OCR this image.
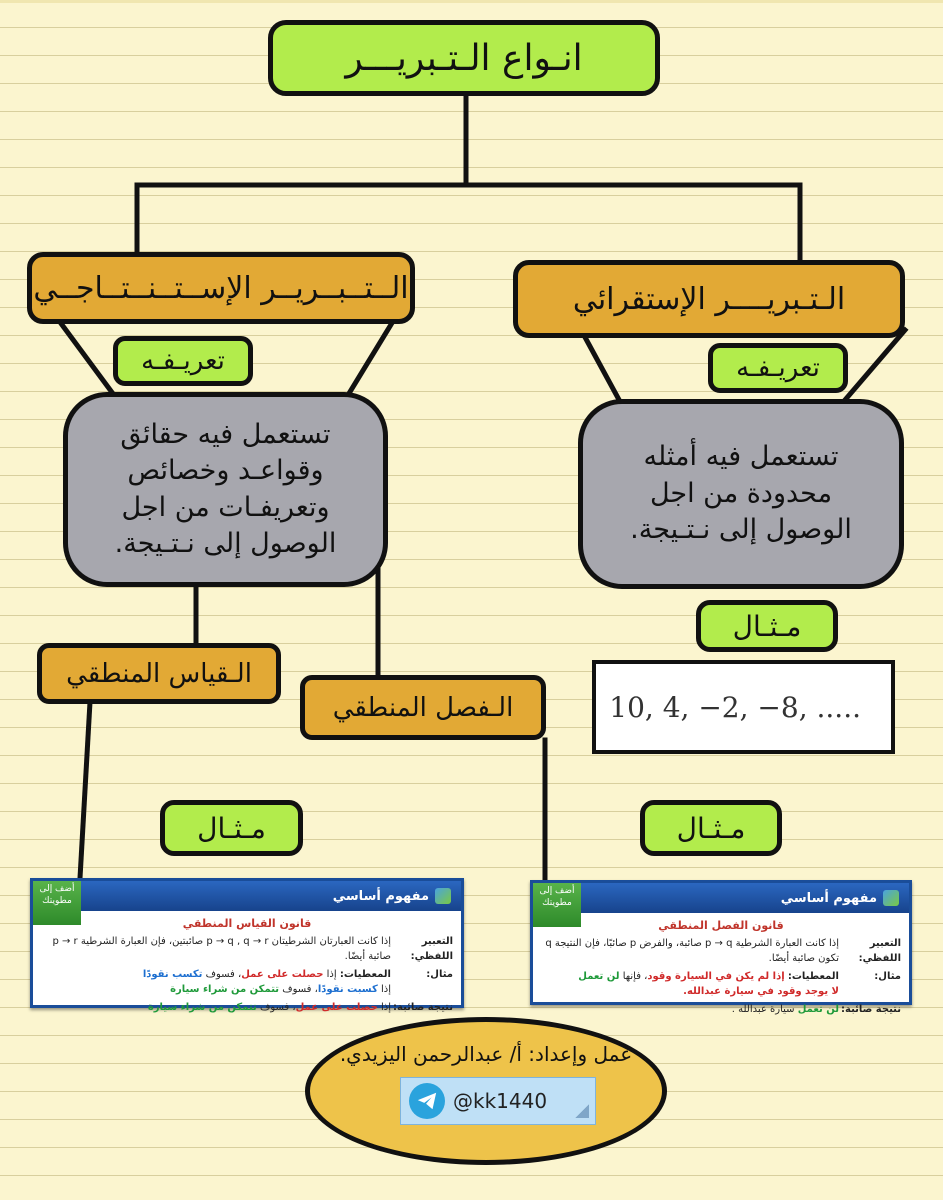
انـواع الـتـبريـــر
الــتــبــريــر الإســتــنــتــاجــي	الـتـبريــــر الإستقرائي
تعريـفـه	تعريـفـه
تستعمل فيه حقائق
وقواعـد وخصائص
وتعريفـات من اجل
الوصول إلى نـتـيجة.
تستعمل فيه أمثله
محدودة من اجل
الوصول إلى نـتـيجة.
مـثـال
10, 4, −2, −8, .....
الـقياس المنطقي
الـفصل المنطقي
مـثـال	مـثـال
مفهوم أساسي
أضف إلى مطويتك
قانون القياس المنطقي
التعبير اللفظي:
إذا كانت العبارتان الشرطيتان p → q , q → r صائبتين، فإن العبارة الشرطية p → r صائبة أيضًا.
مثال:
المعطيات: إذا حصلت على عمل، فسوف تكسب نقودًا
إذا كسبت نقودًا، فسوف تتمكن من شراء سيارة
نتيجة صائبة:
إذا حصلت على عمل، فسوف تتمكن من شراء سيارة
مفهوم أساسي
أضف إلى مطويتك
قانون الفصل المنطقي
التعبير اللفظي:
إذا كانت العبارة الشرطية p → q صائبة، والفرض p صائبًا، فإن النتيجة q تكون صائبة أيضًا.
مثال:
المعطيات: إذا لم يكن في السيارة وقود، فإنها لن تعمل
لا يوجد وقود في سيارة عبدالله.
نتيجة صائبة:
لن تعمل سيارة عبدالله .
عمل وإعداد: أ/ عبدالرحمن اليزيدي.
@kk1440
